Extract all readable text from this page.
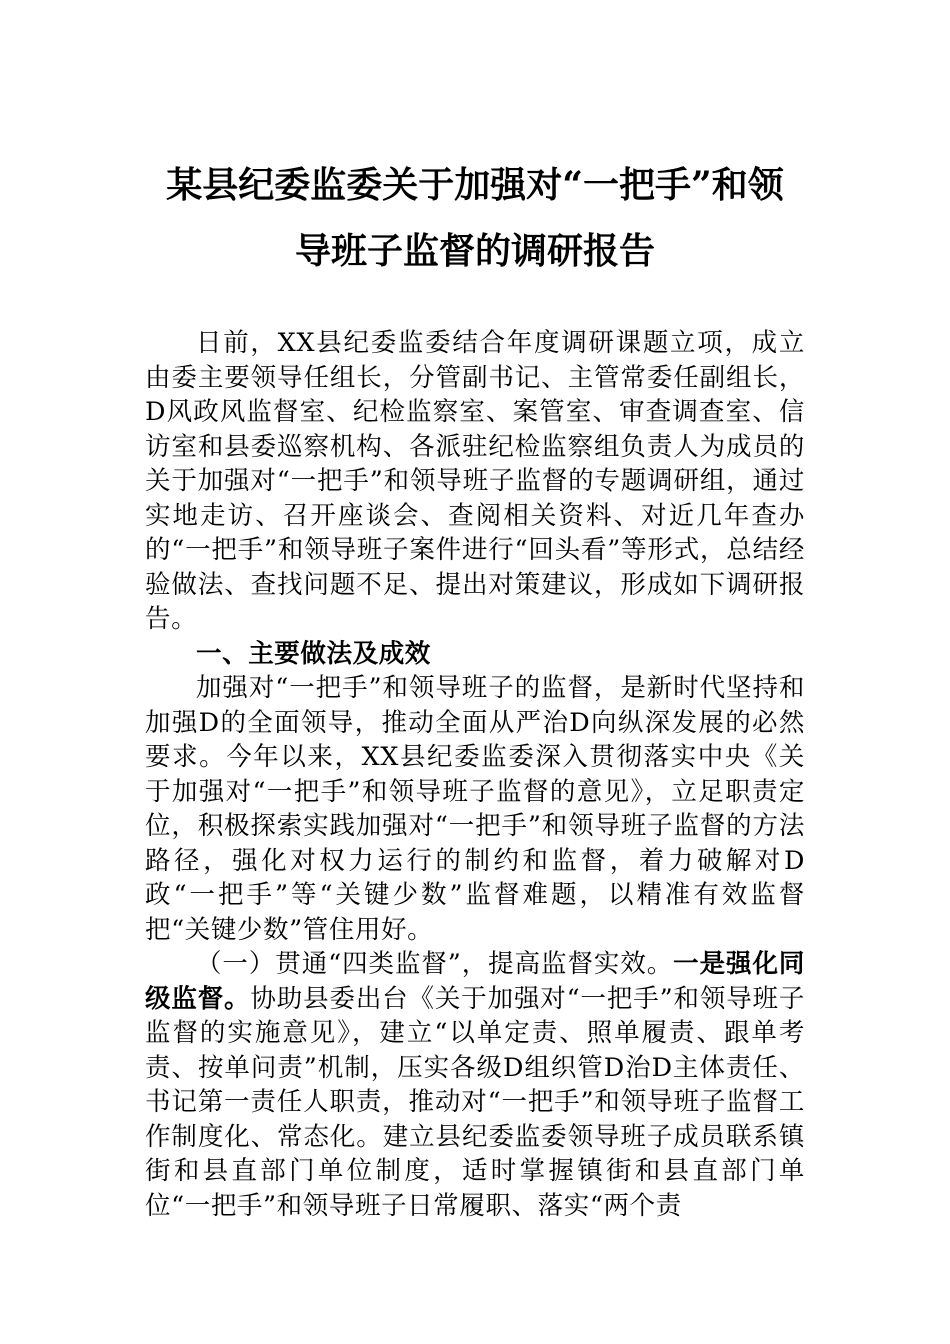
某县纪委监委关于加强对“一把手”和领
导班子监督的调研报告

日前，XX县纪委监委结合年度调研课题立项，成立由委主要领导任组长，分管副书记、主管常委任副组长，D风政风监督室、纪检监察室、案管室、审查调查室、信访室和县委巡察机构、各派驻纪检监察组负责人为成员的关于加强对“一把手”和领导班子监督的专题调研组，通过实地走访、召开座谈会、查阅相关资料、对近几年查办的“一把手”和领导班子案件进行“回头看”等形式，总结经验做法、查找问题不足、提出对策建议，形成如下调研报告。

一、主要做法及成效

加强对“一把手”和领导班子的监督，是新时代坚持和加强D的全面领导，推动全面从严治D向纵深发展的必然要求。今年以来，XX县纪委监委深入贯彻落实中央《关于加强对“一把手”和领导班子监督的意见》，立足职责定位，积极探索实践加强对“一把手”和领导班子监督的方法路径，强化对权力运行的制约和监督，着力破解对D政“一把手”等“关键少数”监督难题，以精准有效监督把“关键少数”管住用好。

（一）贯通“四类监督”，提高监督实效。一是强化同级监督。协助县委出台《关于加强对“一把手”和领导班子监督的实施意见》，建立“以单定责、照单履责、跟单考责、按单问责”机制，压实各级D组织管D治D主体责任、书记第一责任人职责，推动对“一把手”和领导班子监督工作制度化、常态化。建立县纪委监委领导班子成员联系镇街和县直部门单位制度，适时掌握镇街和县直部门单位“一把手”和领导班子日常履职、落实“两个责
